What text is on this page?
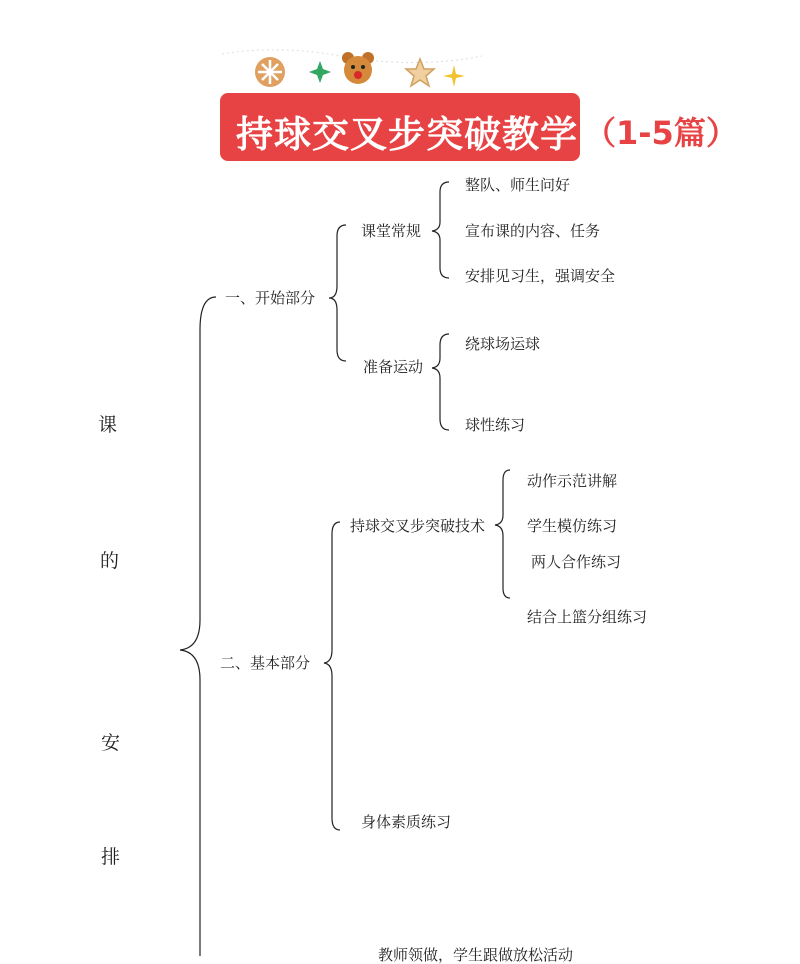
持球交叉步突破教学 （1-5篇）
课
的
安
排
一、开始部分
课堂常规
整队、师生问好
宣布课的内容、任务
安排见习生，强调安全
准备运动
绕球场运球
球性练习
二、基本部分
持球交叉步突破技术
动作示范讲解
学生模仿练习
两人合作练习
结合上篮分组练习
身体素质练习
教师领做，学生跟做放松活动
